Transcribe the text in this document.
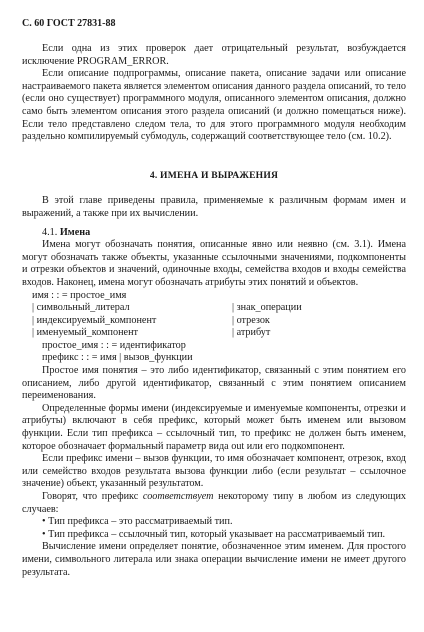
С. 60 ГОСТ 27831-88

Если одна из этих проверок дает отрицательный результат, возбуждается исключение PROGRAM_ERROR.

Если описание подпрограммы, описание пакета, описание задачи или описание настраиваемого пакета является элементом описания данного раздела описаний, то тело (если оно существует) программного модуля, описанного элементом описания, должно само быть элементом описания этого раздела описаний (и должно помещаться ниже). Если тело представлено следом тела, то для этого программного модуля необходим раздельно компилируемый субмодуль, содержащий соответствующее тело (см. 10.2).

4. ИМЕНА И ВЫРАЖЕНИЯ

В этой главе приведены правила, применяемые к различным формам имен и выражений, а также при их вычислении.

4.1. Имена

Имена могут обозначать понятия, описанные явно или неявно (см. 3.1). Имена могут обозначать также объекты, указанные ссылочными значениями, подкомпоненты и отрезки объектов и значений, одиночные входы, семейства входов и входы семейства входов. Наконец, имена могут обозначать атрибуты этих понятий и объектов.

имя : : = простое_имя
| символьный_литерал	| знак_операции
| индексируемый_компонент	| отрезок
| именуемый_компонент	| атрибут
простое_имя : : = идентификатор
префикс : : = имя | вызов_функции

Простое имя понятия – это либо идентификатор, связанный с этим понятием его описанием, либо другой идентификатор, связанный с этим понятием описанием переименования.

Определенные формы имени (индексируемые и именуемые компоненты, отрезки и атрибуты) включают в себя префикс, который может быть именем или вызовом функции. Если тип префикса – ссылочный тип, то префикс не должен быть именем, которое обозначает формальный параметр вида out или его подкомпонент.

Если префикс имени – вызов функции, то имя обозначает компонент, отрезок, вход или семейство входов результата вызова функции либо (если результат – ссылочное значение) объект, указанный результатом.

Говорят, что префикс соответствует некоторому типу в любом из следующих случаев:

• Тип префикса – это рассматриваемый тип.

• Тип префикса – ссылочный тип, который указывает на рассматриваемый тип.

Вычисление имени определяет понятие, обозначенное этим именем. Для простого имени, символьного литерала или знака операции вычисление имени не имеет другого результата.
